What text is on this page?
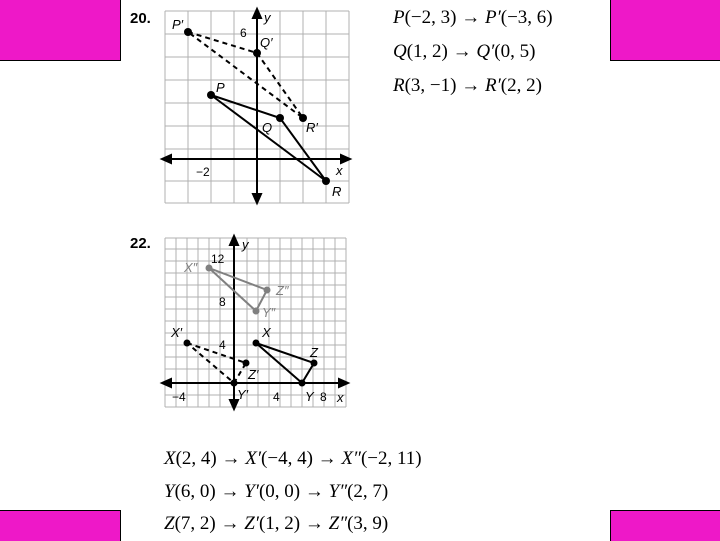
20.	y
x
6
−2
P′
Q′
R′
P
Q
R
P(−2, 3) → P′(−3, 6)
Q(1, 2) → Q′(0, 5)
R(3, −1) → R′(2, 2)
22.	y
x
−4	4	8
4
8
12
X″
Y″
Z″
X′
Y′
Z′
X
Y
Z
X(2, 4) → X′(−4, 4) → X″(−2, 11)
Y(6, 0) → Y′(0, 0) → Y″(2, 7)
Z(7, 2) → Z′(1, 2) → Z″(3, 9)
